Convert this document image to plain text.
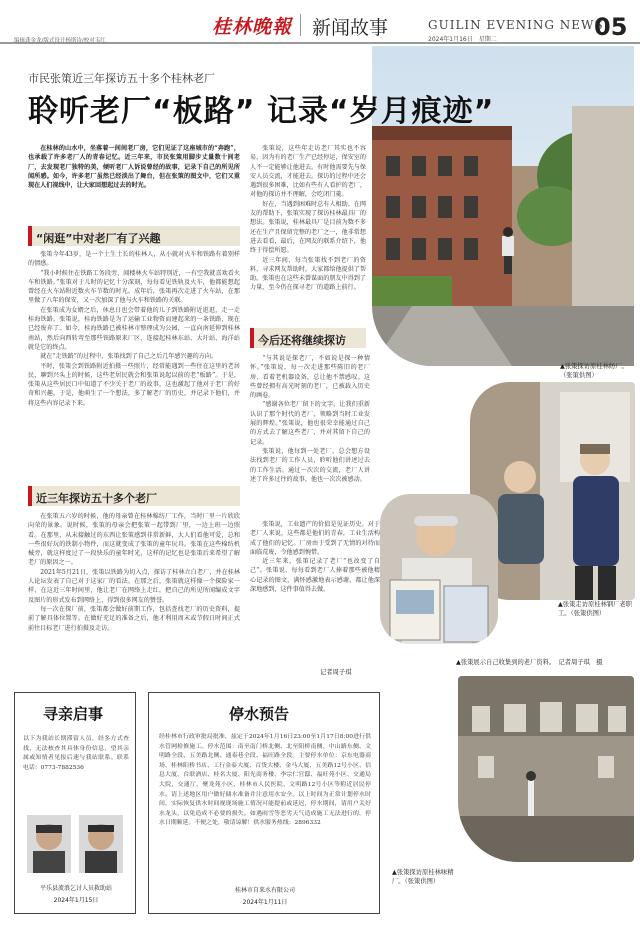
编辑龚金龙/版式设计杨斯诗/校对韦红
桂林晚報 新闻故事	GUILIN EVENING NEWS
2024年1月16日　星期二	05
▲张策探访原桂林纺厂。（张策供图）
市民张策近三年探访五十多个桂林老厂
聆听老厂“板路” 记录“岁月痕迹”

在桂林的山水中，坐落着一间间老厂房，它们见证了这座城市的“奔跑”，也承载了许多老厂人的青春记忆。近三年来，市民张策用脚步丈量数十间老厂，去发现老厂独特的美，倾听老厂人诉说曾经的故事，记录下自己的所见所闻所感。如今，许多老厂虽然已经淡出了舞台，但在张策的图文中，它们又重现在人们视线中，让大家回想起过去的时光。

张策说，这些年走访老厂其实也不容易，因为有的老厂生产已经停运，保安室的人不一定能够让他进去。有时他需要先与保安人员交流，才能进去。探访的过程中还会遇到很多困难，比如有些有人看护的老厂，对他的探访并不理解，会吃闭门羹。

好在，当遇到困难时总有人相助。在网友的帮助下，张策实现了探访桂林最具厂的想法。张策说，桂林最具厂是目前为数不多还在生产且保留完整的老厂之一，他非常想进去看看，最后，在网友的联系介绍下，他终于得偿所愿。

近三年间，每当张策找不到老厂的资料，寻求网友帮助时，大家都给他提供了帮助。张策也在这些未曾谋面的朋友中得到了力量，至今仍在探寻老厂的道路上前行。

“闲逛”中对老厂有了兴趣

张策今年43岁，是一个土生土长的桂林人，从小就对火车和铁路有着别样的情感。

“我小时候住在铁路工务段旁，闻楼林火车站特别近，一有空我就喜欢看火车和铁路。”张策对于儿时的记忆十分深刻，每每看见铁轨及火车，他都能想起曾经在火车站附近数火车节数的时光。成年后，张策再次走进了火车站，在那里做了八年的保安，又一次加深了他与火车和铁路的关联。

在张策成为女婿之后，休息日也会带着他的儿子到铁路附近逛逛，走一走桂海铁路。张策说，桂海铁路是为了运输工业物资而建起来的一条铁路，现在已经废弃了。如今，桂海铁路已被桂林市整理成为公园，一直向南延伸到桂林南站，然后向西转弯至那些铁路原来厂区，连接起桂林东站、大圩站、海洋站就是它的终点。

就在“走铁路”的过程中，张策找到了自己之后几年感兴趣的方向。

平时，张策会到铁路附近拍摄一些照片，经常能遇到一些住在这里的老居民，聊到兴头上的时候，这些老居民就会和张策说起以前的老“板路”。于是，张策从这些居民口中知道了不少关于老厂的故事，这也激起了他对于老厂的好奇和兴趣。于是，他萌生了一个想法，多了解老厂的历史，并记录下他们，并将这些内容记录下来。

今后还将继续探访

“与其说是探老厂，不如说是探一种情怀。”张策说，每一次走进那些陈旧的老厂房，看着老机器设备，总让他不禁感叹。这些曾经拥有高光时刻的老厂，已被载入历史的画卷。

“感谢各位老厂留下的文字，让我们重新认识了那个时代的老厂，领略到当时工业发展的辉煌。”张策说，他也很荣幸能通过自己的方式去了解这些老厂，并对其留下自己的记录。

张策说，他每到一处老厂，总会想方设法找到老厂的工作人员，聆听他们讲述过去的工作生活。通过一次次的交流，老厂人讲述了许多过往的故事，他也一次次被感动。

近三年探访五十多个老厂

在张策五六岁的时候，他的母亲曾在桂林棉纺厂工作，当时厂里一片欣欣向荣的景象。说时候，张策的母亲会把张策一起带到厂里，一边上班一边照看。在那里，从未接触过的东西让张策感到非常新鲜，大人们看他可爱，总和一些很好玩的铁制小物件，而这就变成了张策的童年玩具。张策在这些棉纺机械旁，就这样度过了一段快乐的童年时光，这样的记忆也是张策后来希望了解老厂的原因之一。

2021年5月21日，张策以铁路为切入点，探访了桂林立白老厂，并在桂林人论坛发表了自己对于这家厂的看法。在那之后，张策就这样像一个探险家一样，在这近三年时间里，他让老厂在网络上走红，把自己的所见所闻编成文字及图片的形式发布到网络上，得到很多网友的赞誉。

每一次在探厂前，张策都会做好前期工作，包括查找老厂的历史资料，提前了解具体位置等。在做好充足的准备之后，他才利用周末或节假日时间正式前往目标老厂进行拍摄及走访。

张策说，工业遗产的价值是见证历史。对于老厂人来说，这些都是他们的青春，工业生活构成了他们的记忆。厂房由于受到了无情的对待而面临荒废，令他感到惋惜。

近三年来，张策记录了老厂“也改变了自己”。张策说，每每看到老厂人捧着那些被他精心记录的图文，满怀感激地表示感谢，都让他深深地感到，这件事值得去做。

记者周子琪
▲张策走访原桂林钢厂老职工。（张策供图）
▲张策展示自己收集到的老厂资料。　记者周子琪　摄
▲张策探访原桂林味精厂。（张策供图）
寻亲启事
以下为我站长期滞留人员，经多方式查找，无法核查其具体身份信息，望其亲属或知情者见报后速与我站联系。联系电话：0773-7882536
平乐县流浪乞讨人员救助站
2024年1月15日
停水预告
经桂林市行政审批局批准，兹定于2024年1月16日23:00至1月17日8:00进行供水管网检修施工。停水范围：南至南门桥北侧、北至阳桥南侧、中山路东侧、文明路全段、五美路北侧、通泰巷全段、福旺路全段。主要停水单位：京东电器商场、桂林阳桥书店、工行金泰大厦、百货大楼、金马大厦、五美路12号小区、信息大厦、台联酒店、桂名大厦、阳光商务楼、李宗仁官邸、福旺苑小区、交通局大院、交通厅、聚龙苑小区、桂林市人民医院、文明路12号小区等附近居民停水。请上述地区用户做好储水准备并注意用水安全。以上时间为正常计划停水时间，实际恢复供水时间视现场施工情况可能提前或延迟，停水期间，请用户关好水龙头，以免造成不必要的损失。如遇雨雪等恶劣天气造成施工无法进行的，停水日期顺延。不便之处，敬请谅解！供水服务热线：2896332
桂林市自来水有限公司
2024年1月11日
